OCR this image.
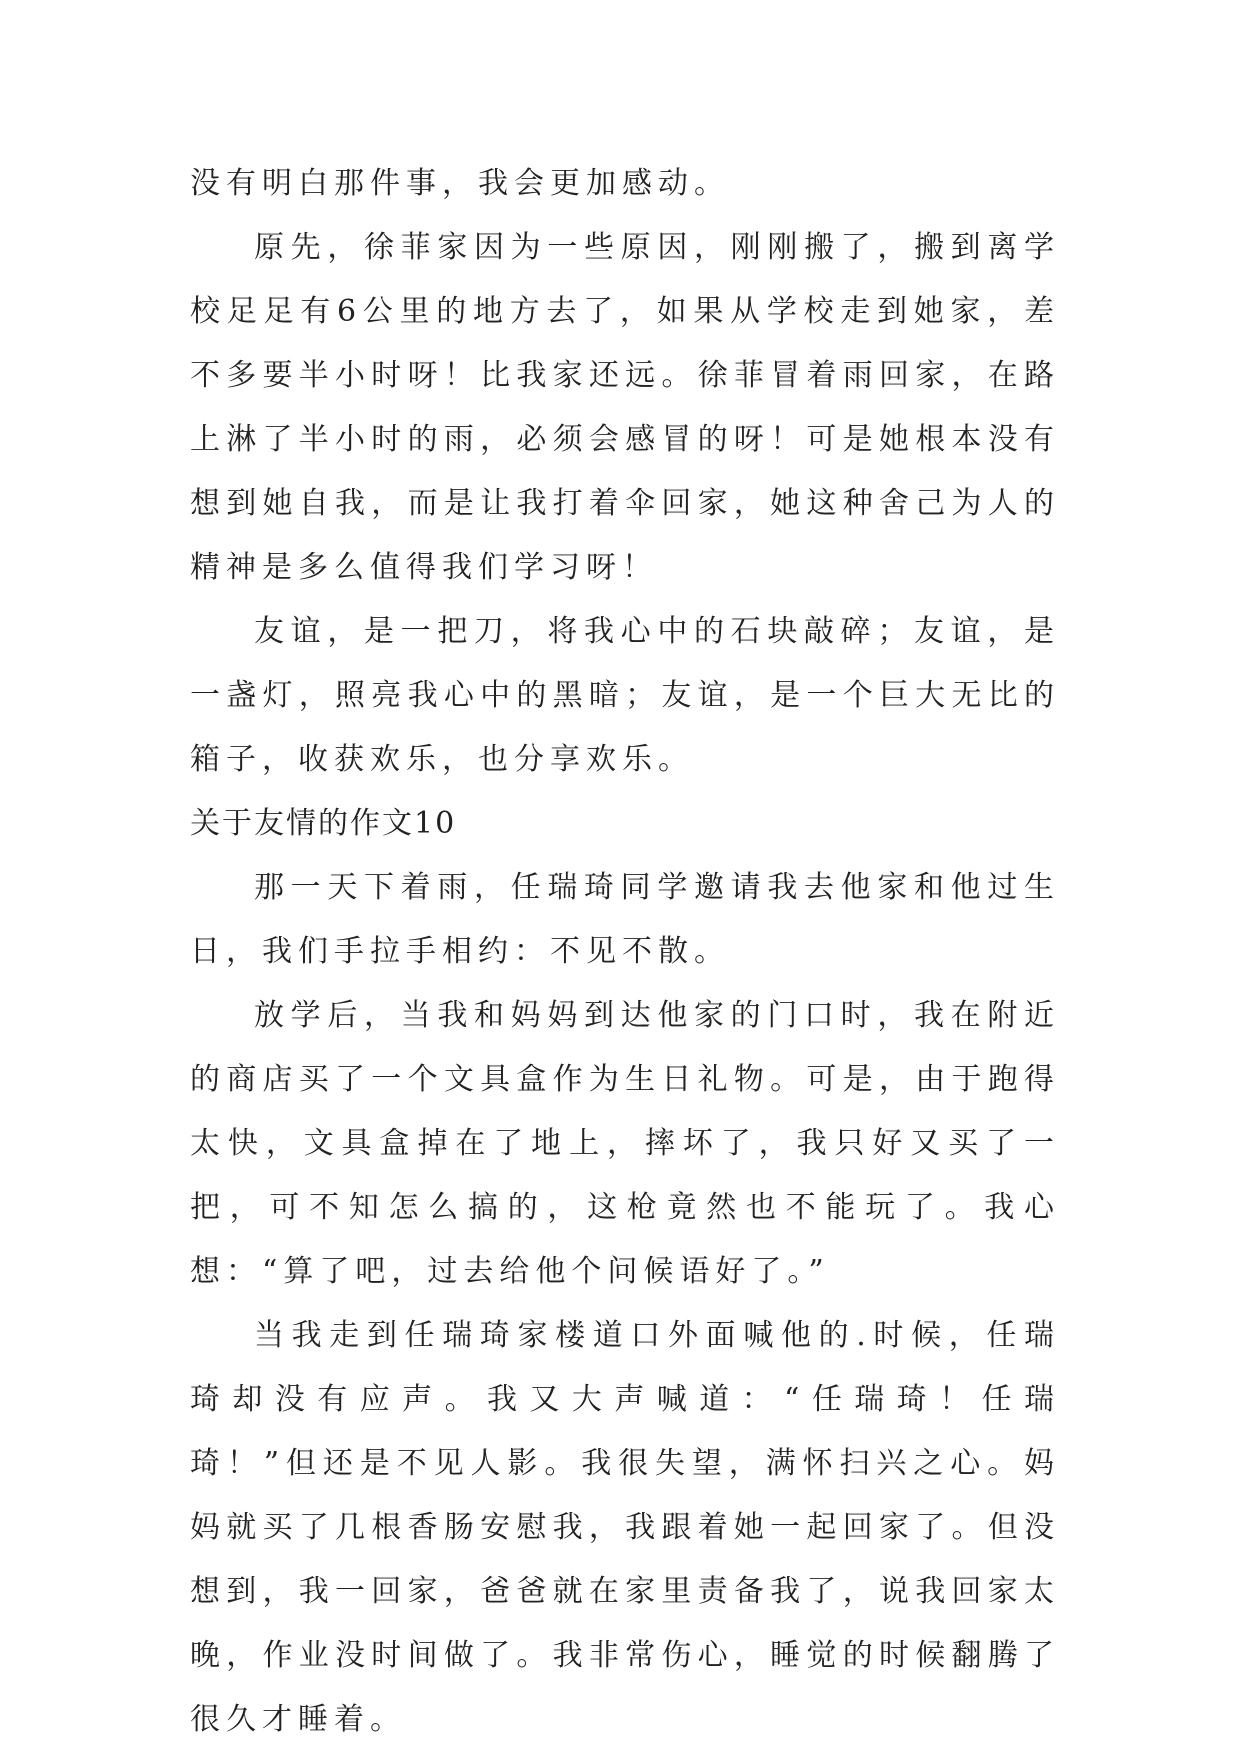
没有明白那件事，我会更加感动。

原先，徐菲家因为一些原因，刚刚搬了，搬到离学校足足有6公里的地方去了，如果从学校走到她家，差不多要半小时呀！比我家还远。徐菲冒着雨回家，在路上淋了半小时的雨，必须会感冒的呀！可是她根本没有想到她自我，而是让我打着伞回家，她这种舍己为人的精神是多么值得我们学习呀！

友谊，是一把刀，将我心中的石块敲碎；友谊，是一盏灯，照亮我心中的黑暗；友谊，是一个巨大无比的箱子，收获欢乐，也分享欢乐。

关于友情的作文10

那一天下着雨，任瑞琦同学邀请我去他家和他过生日，我们手拉手相约：不见不散。

放学后，当我和妈妈到达他家的门口时，我在附近的商店买了一个文具盒作为生日礼物。可是，由于跑得太快，文具盒掉在了地上，摔坏了，我只好又买了一把，可不知怎么搞的，这枪竟然也不能玩了。我心想：“算了吧，过去给他个问候语好了。”

当我走到任瑞琦家楼道口外面喊他的.时候，任瑞琦却没有应声。我又大声喊道：“任瑞琦！任瑞琦！”但还是不见人影。我很失望，满怀扫兴之心。妈妈就买了几根香肠安慰我，我跟着她一起回家了。但没想到，我一回家，爸爸就在家里责备我了，说我回家太晚，作业没时间做了。我非常伤心，睡觉的时候翻腾了很久才睡着。
